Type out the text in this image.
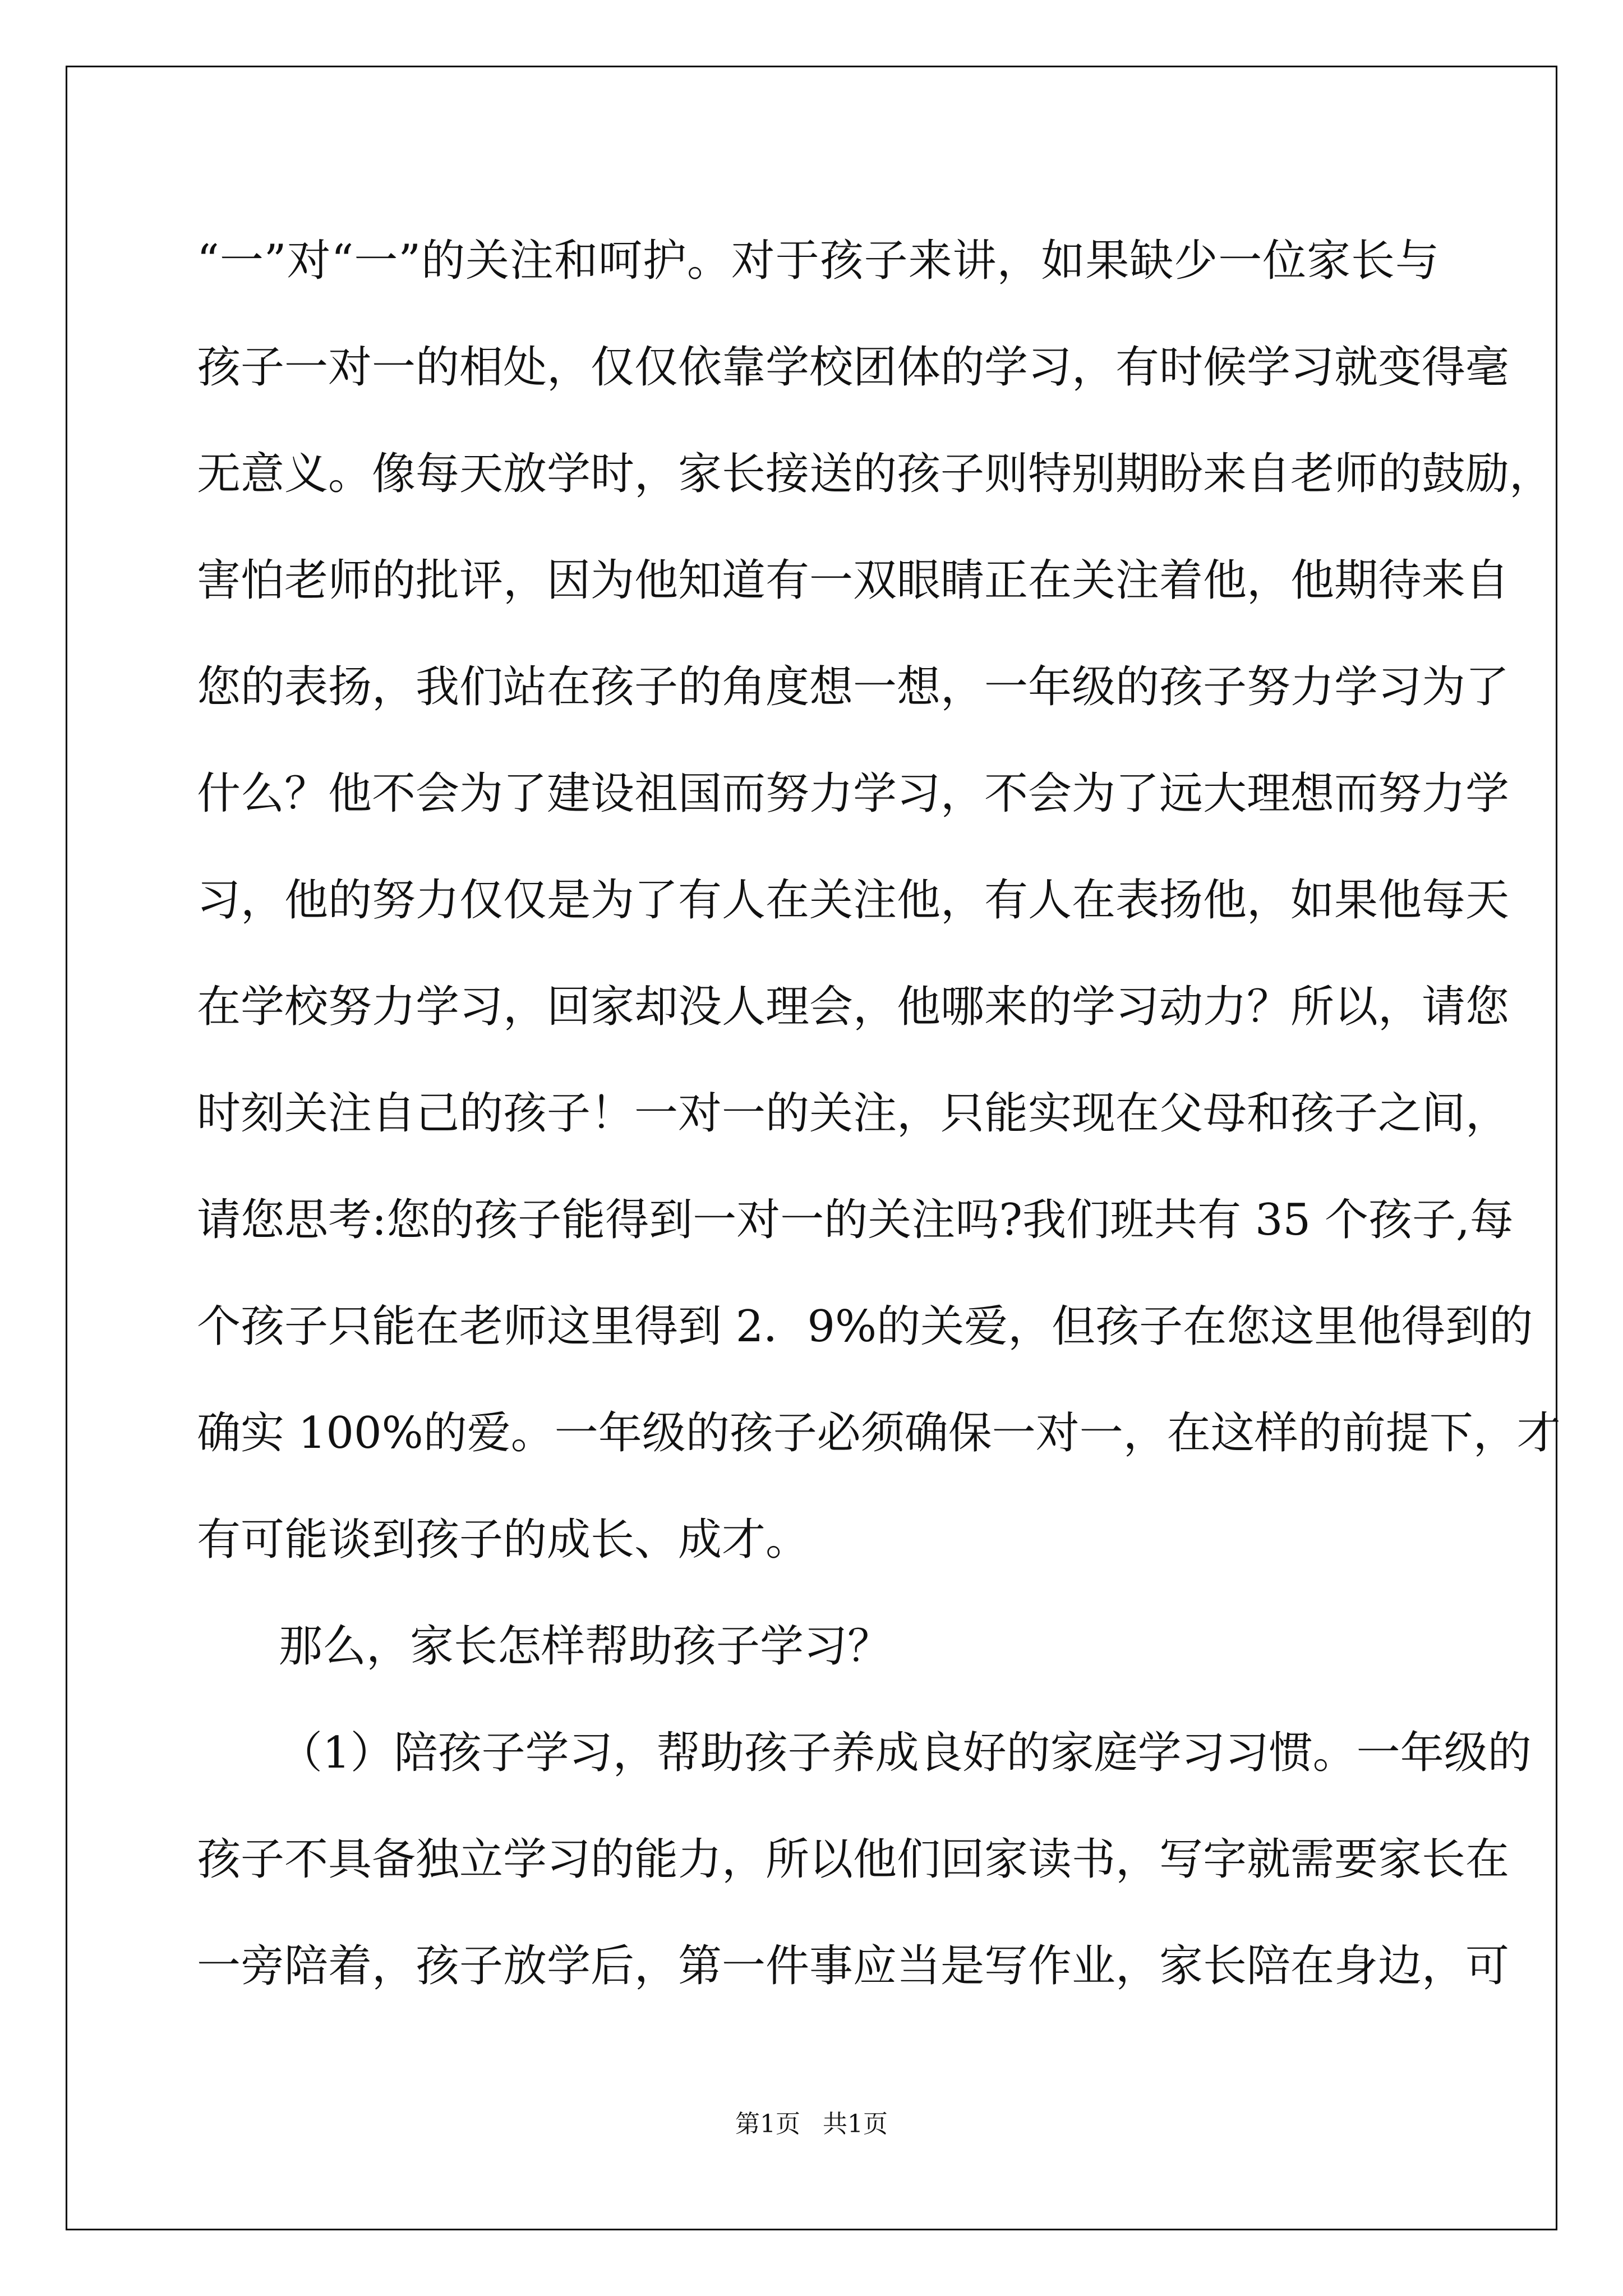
“一”对“一”的关注和呵护。对于孩子来讲，如果缺少一位家长与

孩子一对一的相处，仅仅依靠学校团体的学习，有时候学习就变得毫

无意义。像每天放学时，家长接送的孩子则特别期盼来自老师的鼓励，

害怕老师的批评，因为他知道有一双眼睛正在关注着他，他期待来自

您的表扬，我们站在孩子的角度想一想，一年级的孩子努力学习为了

什么？他不会为了建设祖国而努力学习，不会为了远大理想而努力学

习，他的努力仅仅是为了有人在关注他，有人在表扬他，如果他每天

在学校努力学习，回家却没人理会，他哪来的学习动力？所以，请您

时刻关注自己的孩子！一对一的关注，只能实现在父母和孩子之间，

请您思考:您的孩子能得到一对一的关注吗?我们班共有 35 个孩子,每

个孩子只能在老师这里得到 2．9%的关爱，但孩子在您这里他得到的

确实 100%的爱。一年级的孩子必须确保一对一，在这样的前提下，才

有可能谈到孩子的成长、成才。

那么，家长怎样帮助孩子学习？

（1）陪孩子学习，帮助孩子养成良好的家庭学习习惯。一年级的

孩子不具备独立学习的能力，所以他们回家读书，写字就需要家长在

一旁陪着，孩子放学后，第一件事应当是写作业，家长陪在身边，可

第1页 共1页
